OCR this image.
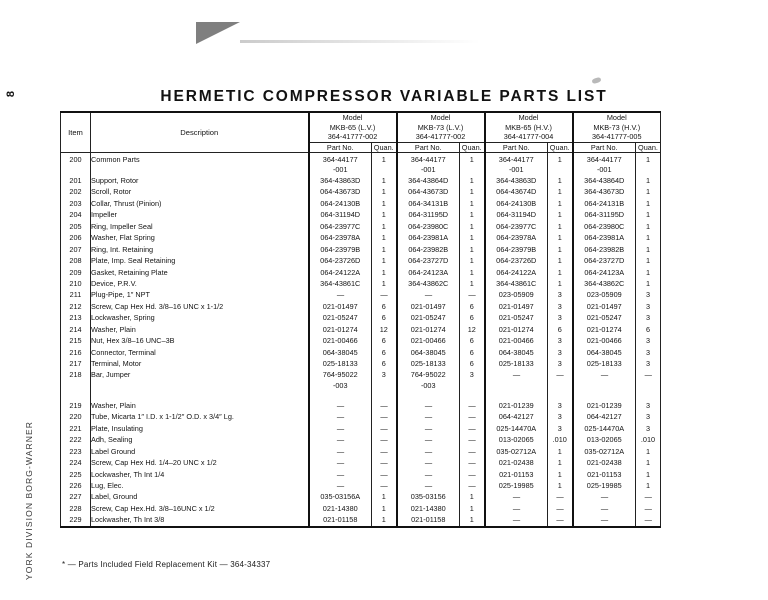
8
YORK DIVISION BORG-WARNER
HERMETIC COMPRESSOR VARIABLE PARTS LIST
Item	Description	
Model
MKB-65 (L.V.)
364-41777-002

Model
MKB-73 (L.V.)
364-41777-002

Model
MKB-65 (H.V.)
364-41777-004

Model
MKB-73 (H.V.)
364-41777-005

		Part No.	Quan.	Part No.	Quan.	Part No.	Quan.	Part No.	Quan.
200	Common Parts	364-44177	1	364-44177	1	364-44177	1	364-44177	1
		-001		-001		-001		-001	
201	Support, Rotor	364-43863D	1	364-43864D	1	364-43863D	1	364-43864D	1
202	Scroll, Rotor	064-43673D	1	064-43673D	1	064-43674D	1	364-43673D	1
203	Collar, Thrust (Pinion)	064-24130B	1	064-34131B	1	064-24130B	1	064-24131B	1
204	Impeller	064-31194D	1	064-31195D	1	064-31194D	1	064-31195D	1
205	Ring, Impeller Seal	064-23977C	1	064-23980C	1	064-23977C	1	064-23980C	1
206	Washer, Flat Spring	064-23978A	1	064-23981A	1	064-23978A	1	064-23981A	1
207	Ring, Int. Retaining	064-23979B	1	064-23982B	1	064-23979B	1	064-23982B	1
208	Plate, Imp. Seal Retaining	064-23726D	1	064-23727D	1	064-23726D	1	064-23727D	1
209	Gasket, Retaining Plate	064-24122A	1	064-24123A	1	064-24122A	1	064-24123A	1
210	Device, P.R.V.	364-43861C	1	364-43862C	1	364-43861C	1	364-43862C	1
211	Plug-Pipe, 1″ NPT	—	—	—	—	023-05909	3	023-05909	3
212	Screw, Cap Hex Hd. 3/8–16 UNC x 1-1/2	021-01497	6	021-01497	6	021-01497	3	021-01497	3
213	Lockwasher, Spring	021-05247	6	021-05247	6	021-05247	3	021-05247	3
214	Washer, Plain	021-01274	12	021-01274	12	021-01274	6	021-01274	6
215	Nut, Hex 3/8–16 UNC–3B	021-00466	6	021-00466	6	021-00466	3	021-00466	3
216	Connector, Terminal	064-38045	6	064-38045	6	064-38045	3	064-38045	3
217	Terminal, Motor	025-18133	6	025-18133	6	025-18133	3	025-18133	3
218	Bar, Jumper	764-95022	3	764-95022	3	—	—	—	—
		-003		-003					

219	Washer, Plain	—	—	—	—	021-01239	3	021-01239	3
220	Tube, Micarta 1″ I.D. x 1-1/2″ O.D. x 3/4″ Lg.	—	—	—	—	064-42127	3	064-42127	3
221	Plate, Insulating	—	—	—	—	025-14470A	3	025-14470A	3
222	Adh, Sealing	—	—	—	—	013-02065	.010	013-02065	.010
223	Label Ground	—	—	—	—	035-02712A	1	035-02712A	1
224	Screw, Cap Hex Hd. 1/4–20 UNC x 1/2	—	—	—	—	021-02438	1	021-02438	1
225	Lockwasher, Th Int 1/4	—	—	—	—	021-01153	1	021-01153	1
226	Lug, Elec.	—	—	—	—	025-19985	1	025-19985	1
227	Label, Ground	035-03156A	1	035-03156	1	—	—	—	—
228	Screw, Cap Hex.Hd. 3/8–16UNC x 1/2	021-14380	1	021-14380	1	—	—	—	—
229	Lockwasher, Th Int 3/8	021-01158	1	021-01158	1	—	—	—	—
* — Parts Included Field Replacement Kit — 364-34337
